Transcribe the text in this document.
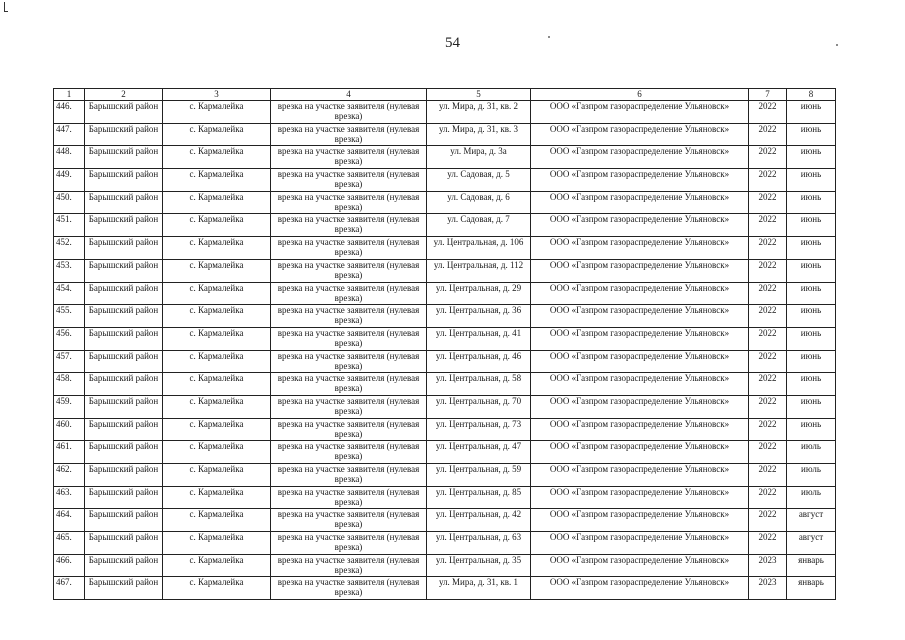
54
1	2	3	4	5	6	7	8
446.	Барышский район	с. Кармалейка	врезка на участке заявителя (нулевая врезка)	ул. Мира, д. 31, кв. 2	ООО «Газпром газораспределение Ульяновск»	2022	июнь
447.	Барышский район	с. Кармалейка	врезка на участке заявителя (нулевая врезка)	ул. Мира, д. 31, кв. 3	ООО «Газпром газораспределение Ульяновск»	2022	июнь
448.	Барышский район	с. Кармалейка	врезка на участке заявителя (нулевая врезка)	ул. Мира, д. 3а	ООО «Газпром газораспределение Ульяновск»	2022	июнь
449.	Барышский район	с. Кармалейка	врезка на участке заявителя (нулевая врезка)	ул. Садовая, д. 5	ООО «Газпром газораспределение Ульяновск»	2022	июнь
450.	Барышский район	с. Кармалейка	врезка на участке заявителя (нулевая врезка)	ул. Садовая, д. 6	ООО «Газпром газораспределение Ульяновск»	2022	июнь
451.	Барышский район	с. Кармалейка	врезка на участке заявителя (нулевая врезка)	ул. Садовая, д. 7	ООО «Газпром газораспределение Ульяновск»	2022	июнь
452.	Барышский район	с. Кармалейка	врезка на участке заявителя (нулевая врезка)	ул. Центральная, д. 106	ООО «Газпром газораспределение Ульяновск»	2022	июнь
453.	Барышский район	с. Кармалейка	врезка на участке заявителя (нулевая врезка)	ул. Центральная, д. 112	ООО «Газпром газораспределение Ульяновск»	2022	июнь
454.	Барышский район	с. Кармалейка	врезка на участке заявителя (нулевая врезка)	ул. Центральная, д. 29	ООО «Газпром газораспределение Ульяновск»	2022	июнь
455.	Барышский район	с. Кармалейка	врезка на участке заявителя (нулевая врезка)	ул. Центральная, д. 36	ООО «Газпром газораспределение Ульяновск»	2022	июнь
456.	Барышский район	с. Кармалейка	врезка на участке заявителя (нулевая врезка)	ул. Центральная, д. 41	ООО «Газпром газораспределение Ульяновск»	2022	июнь
457.	Барышский район	с. Кармалейка	врезка на участке заявителя (нулевая врезка)	ул. Центральная, д. 46	ООО «Газпром газораспределение Ульяновск»	2022	июнь
458.	Барышский район	с. Кармалейка	врезка на участке заявителя (нулевая врезка)	ул. Центральная, д. 58	ООО «Газпром газораспределение Ульяновск»	2022	июнь
459.	Барышский район	с. Кармалейка	врезка на участке заявителя (нулевая врезка)	ул. Центральная, д. 70	ООО «Газпром газораспределение Ульяновск»	2022	июнь
460.	Барышский район	с. Кармалейка	врезка на участке заявителя (нулевая врезка)	ул. Центральная, д. 73	ООО «Газпром газораспределение Ульяновск»	2022	июнь
461.	Барышский район	с. Кармалейка	врезка на участке заявителя (нулевая врезка)	ул. Центральная, д. 47	ООО «Газпром газораспределение Ульяновск»	2022	июль
462.	Барышский район	с. Кармалейка	врезка на участке заявителя (нулевая врезка)	ул. Центральная, д. 59	ООО «Газпром газораспределение Ульяновск»	2022	июль
463.	Барышский район	с. Кармалейка	врезка на участке заявителя (нулевая врезка)	ул. Центральная, д. 85	ООО «Газпром газораспределение Ульяновск»	2022	июль
464.	Барышский район	с. Кармалейка	врезка на участке заявителя (нулевая врезка)	ул. Центральная, д. 42	ООО «Газпром газораспределение Ульяновск»	2022	август
465.	Барышский район	с. Кармалейка	врезка на участке заявителя (нулевая врезка)	ул. Центральная, д. 63	ООО «Газпром газораспределение Ульяновск»	2022	август
466.	Барышский район	с. Кармалейка	врезка на участке заявителя (нулевая врезка)	ул. Центральная, д. 35	ООО «Газпром газораспределение Ульяновск»	2023	январь
467.	Барышский район	с. Кармалейка	врезка на участке заявителя (нулевая врезка)	ул. Мира, д. 31, кв. 1	ООО «Газпром газораспределение Ульяновск»	2023	январь
